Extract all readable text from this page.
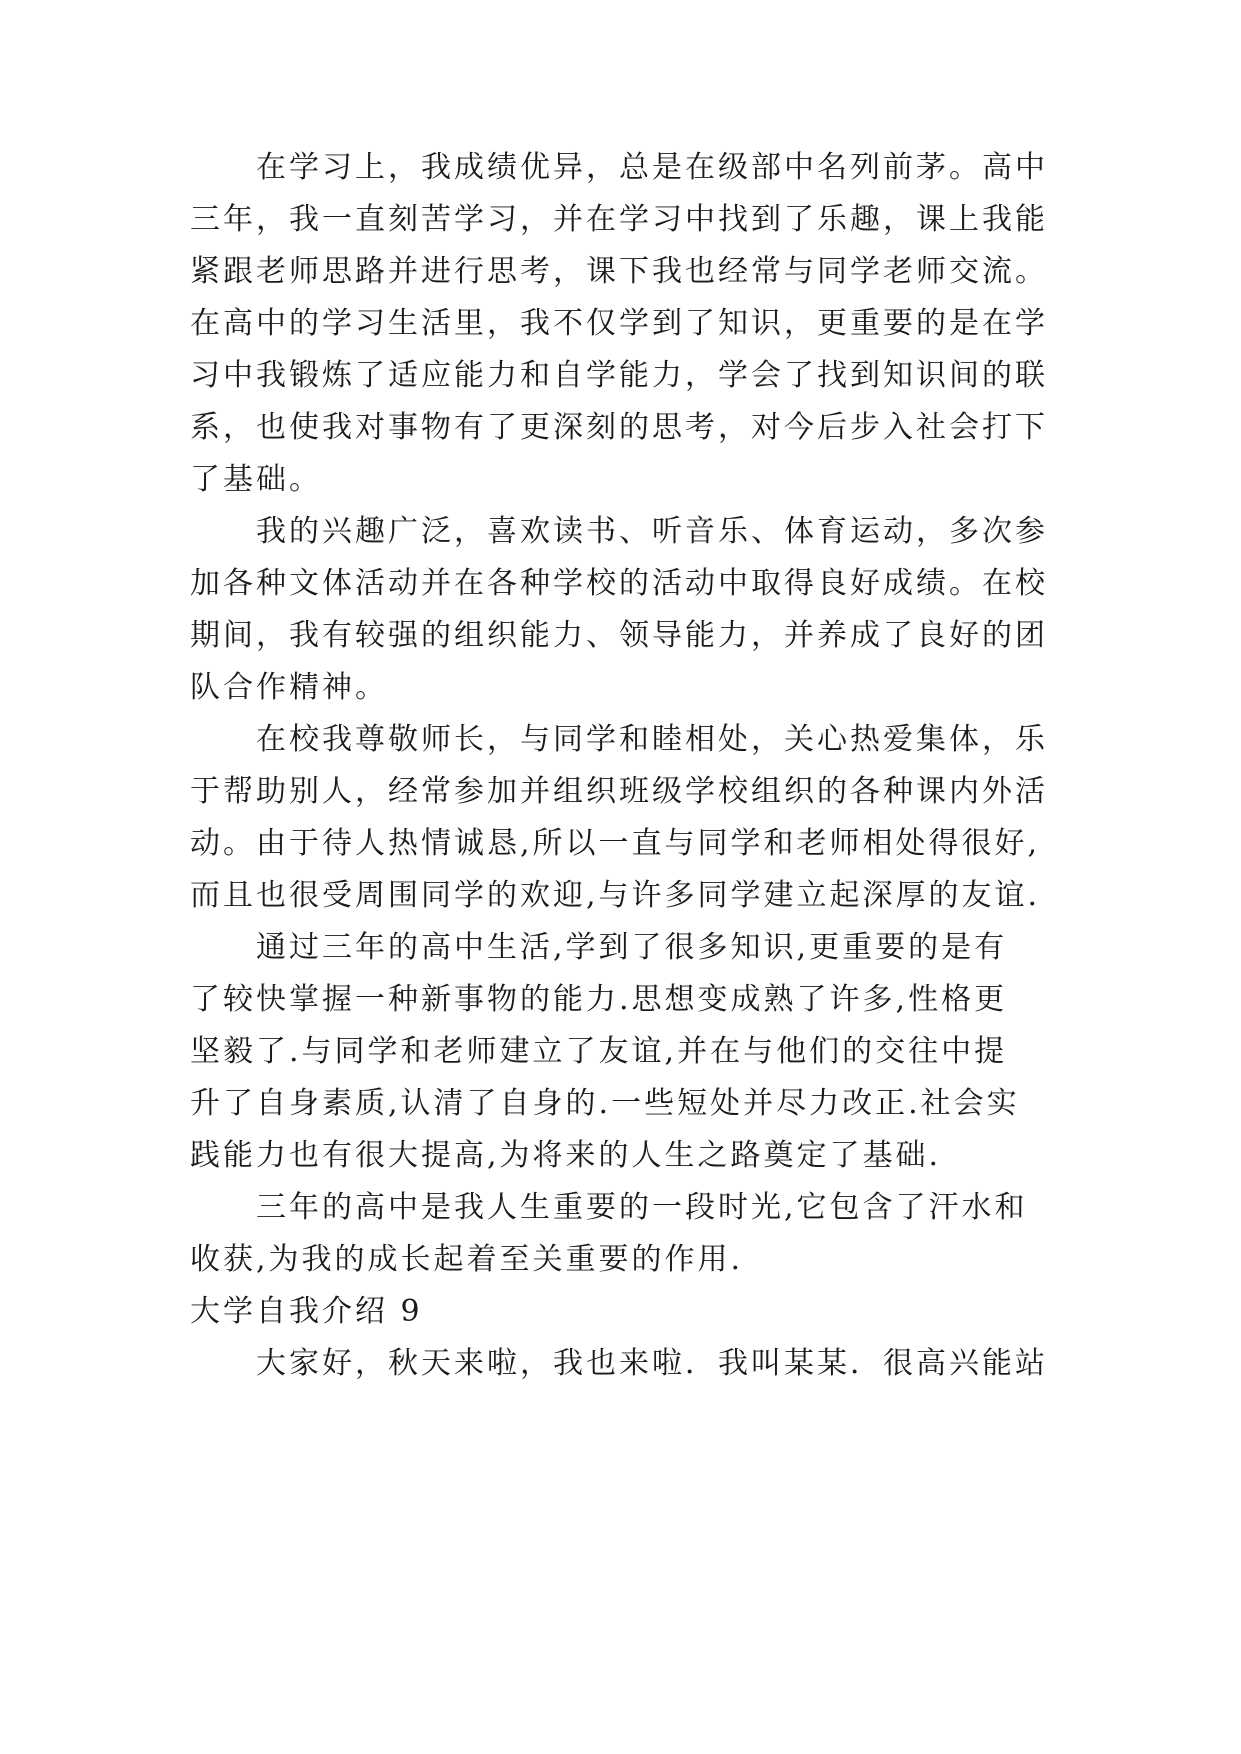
在学习上，我成绩优异，总是在级部中名列前茅。高中
三年，我一直刻苦学习，并在学习中找到了乐趣，课上我能
紧跟老师思路并进行思考，课下我也经常与同学老师交流。
在高中的学习生活里，我不仅学到了知识，更重要的是在学
习中我锻炼了适应能力和自学能力，学会了找到知识间的联
系，也使我对事物有了更深刻的思考，对今后步入社会打下
了基础。
我的兴趣广泛，喜欢读书、听音乐、体育运动，多次参
加各种文体活动并在各种学校的活动中取得良好成绩。在校
期间，我有较强的组织能力、领导能力，并养成了良好的团
队合作精神。
在校我尊敬师长，与同学和睦相处，关心热爱集体，乐
于帮助别人，经常参加并组织班级学校组织的各种课内外活
动。由于待人热情诚恳,所以一直与同学和老师相处得很好,
而且也很受周围同学的欢迎,与许多同学建立起深厚的友谊.
通过三年的高中生活,学到了很多知识,更重要的是有
了较快掌握一种新事物的能力.思想变成熟了许多,性格更
坚毅了.与同学和老师建立了友谊,并在与他们的交往中提
升了自身素质,认清了自身的.一些短处并尽力改正.社会实
践能力也有很大提高,为将来的人生之路奠定了基础.
三年的高中是我人生重要的一段时光,它包含了汗水和
收获,为我的成长起着至关重要的作用.
大学自我介绍 9
大家好，秋天来啦，我也来啦．我叫某某．很高兴能站
